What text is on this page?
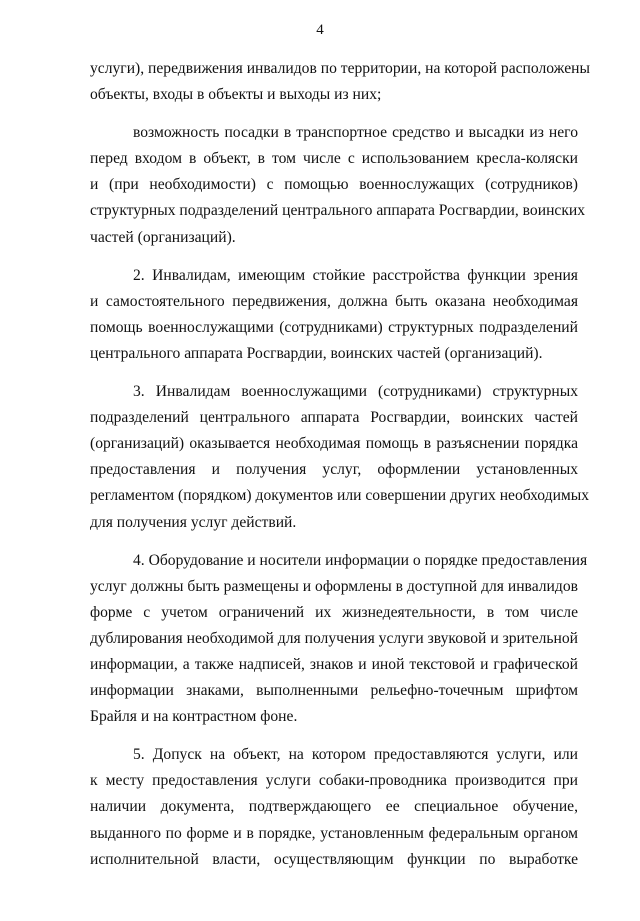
4

услуги), передвижения инвалидов по территории, на которой расположены
объекты, входы в объекты и выходы из них;

возможность посадки в транспортное средство и высадки из него
перед входом в объект, в том числе с использованием кресла-коляски
и (при необходимости) с помощью военнослужащих (сотрудников)
структурных подразделений центрального аппарата Росгвардии, воинских
частей (организаций).

2. Инвалидам, имеющим стойкие расстройства функции зрения
и самостоятельного передвижения, должна быть оказана необходимая
помощь военнослужащими (сотрудниками) структурных подразделений
центрального аппарата Росгвардии, воинских частей (организаций).

3. Инвалидам военнослужащими (сотрудниками) структурных
подразделений центрального аппарата Росгвардии, воинских частей
(организаций) оказывается необходимая помощь в разъяснении порядка
предоставления и получения услуг, оформлении установленных
регламентом (порядком) документов или совершении других необходимых
для получения услуг действий.

4. Оборудование и носители информации о порядке предоставления
услуг должны быть размещены и оформлены в доступной для инвалидов
форме с учетом ограничений их жизнедеятельности, в том числе
дублирования необходимой для получения услуги звуковой и зрительной
информации, а также надписей, знаков и иной текстовой и графической
информации знаками, выполненными рельефно-точечным шрифтом
Брайля и на контрастном фоне.

5. Допуск на объект, на котором предоставляются услуги, или
к месту предоставления услуги собаки-проводника производится при
наличии документа, подтверждающего ее специальное обучение,
выданного по форме и в порядке, установленным федеральным органом
исполнительной власти, осуществляющим функции по выработке
